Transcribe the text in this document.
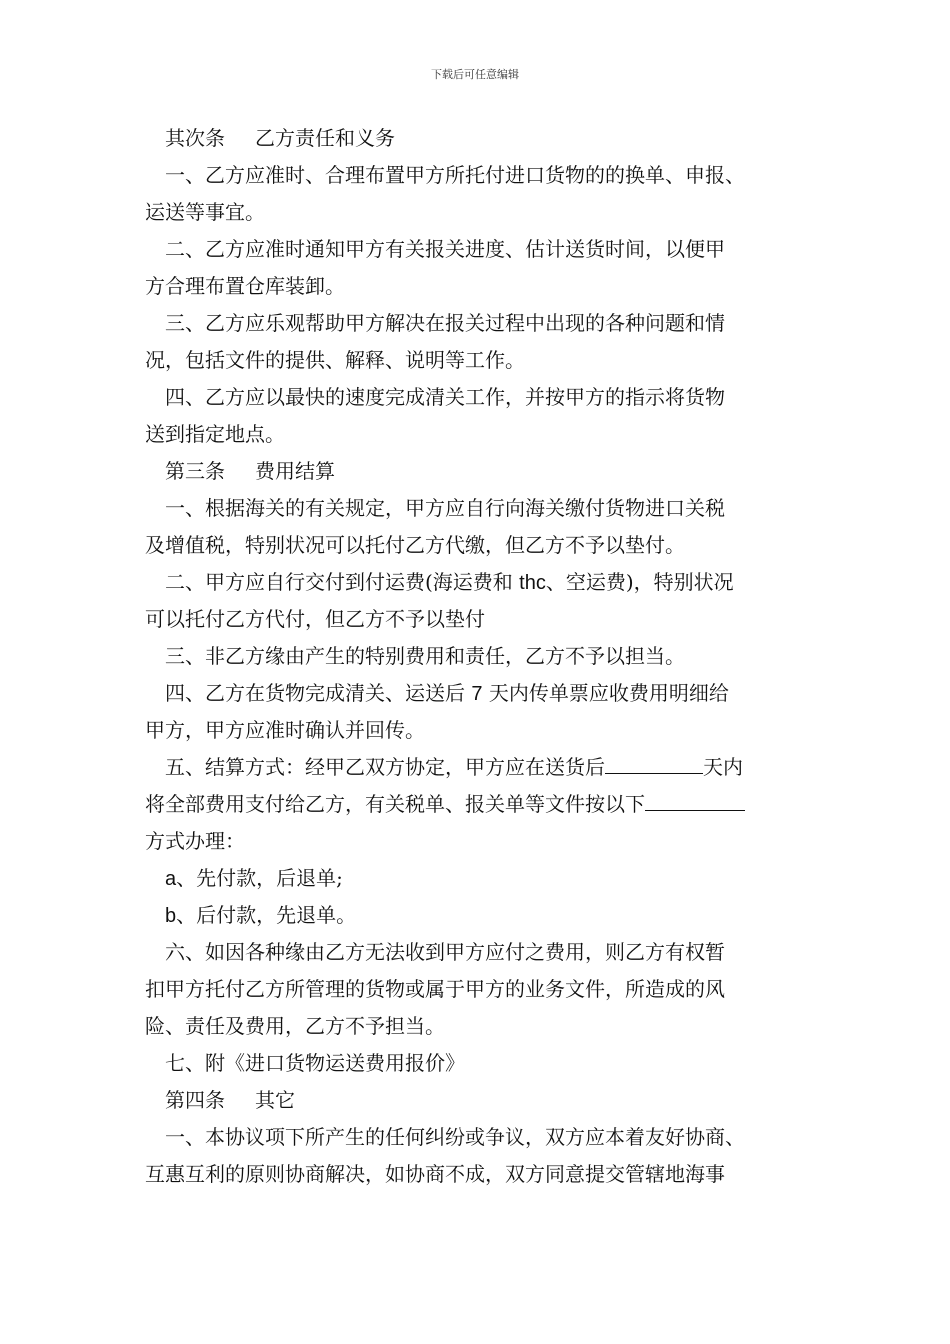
下载后可任意编辑
其次条 乙方责任和义务
一、乙方应准时、合理布置甲方所托付进口货物的的换单、申报、
运送等事宜。
二、乙方应准时通知甲方有关报关进度、估计送货时间，以便甲
方合理布置仓库装卸。
三、乙方应乐观帮助甲方解决在报关过程中出现的各种问题和情
况，包括文件的提供、解释、说明等工作。
四、乙方应以最快的速度完成清关工作，并按甲方的指示将货物
送到指定地点。
第三条 费用结算
一、根据海关的有关规定，甲方应自行向海关缴付货物进口关税
及增值税，特别状况可以托付乙方代缴，但乙方不予以垫付。
二、甲方应自行交付到付运费(海运费和 thc、空运费)，特别状况
可以托付乙方代付，但乙方不予以垫付
三、非乙方缘由产生的特别费用和责任，乙方不予以担当。
四、乙方在货物完成清关、运送后 7 天内传单票应收费用明细给
甲方，甲方应准时确认并回传。
五、结算方式：经甲乙双方协定，甲方应在送货后	天内
将全部费用支付给乙方，有关税单、报关单等文件按以下
方式办理：
a、先付款，后退单;
b、后付款，先退单。
六、如因各种缘由乙方无法收到甲方应付之费用，则乙方有权暂
扣甲方托付乙方所管理的货物或属于甲方的业务文件，所造成的风
险、责任及费用，乙方不予担当。
七、附《进口货物运送费用报价》
第四条 其它
一、本协议项下所产生的任何纠纷或争议，双方应本着友好协商、
互惠互利的原则协商解决，如协商不成，双方同意提交管辖地海事
